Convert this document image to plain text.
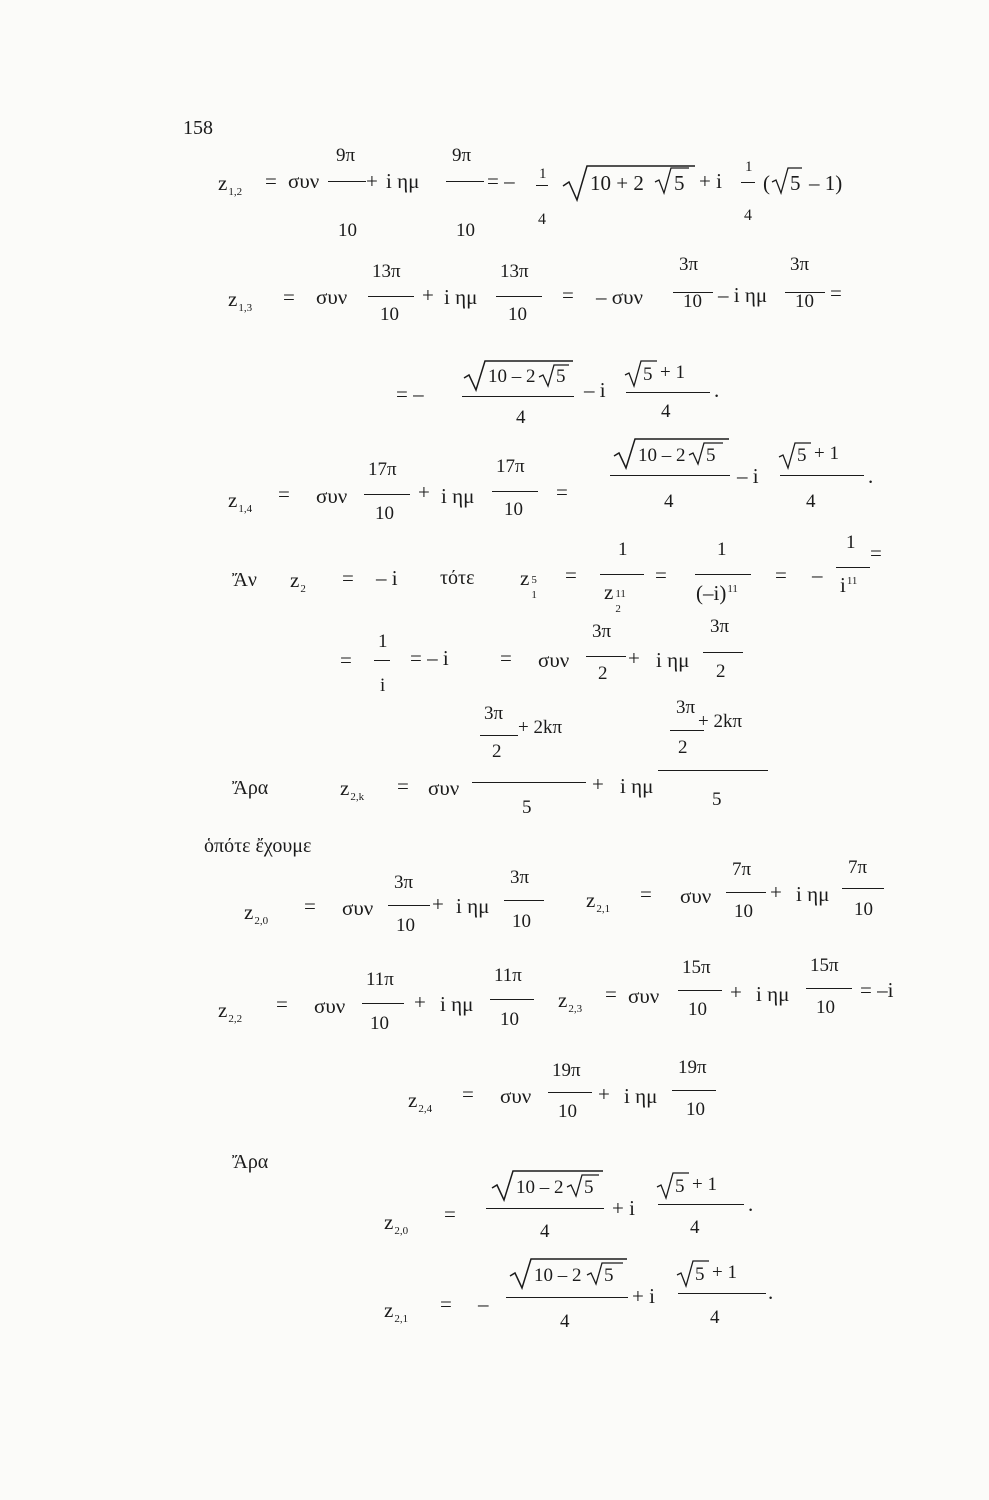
158
$z_{1,2} = \sigma\upsilon\nu$
9π
10
+ i ημ
9π
10
= – 1
4
10 + 2 5 + i
1
4
( 5 – 1)
$z_{1,3} = \sigma\upsilon\nu$
13π
10
+ i ημ
13π
10
= – συν
3π
10 – i ημ
3π
10 =
= –
10 – 2 5
4
– i
5 + 1
4
.
$z_{1,4}$
= συν
17π
10
+ i ημ
17π
10
=
10 – 2 5
4
– i
5 + 1
4
.
Ἄν $z_2$ = – i τότε z 5
1
=
1
z 11
2
=
1
$(-i)^{11}$
= –
1
$i^{11}$
=
=
1
i
= – i = συν
3π
2
+ i ημ
3π
2
3π
+ 2kπ
2
5
Ἄρα	$z_{2,k} = \sigma\upsilon\nu$	+ i ημ
3π
+ 2kπ
2
5
ὁπότε ἔχουμε
$z_{2,0}$
= συν
3π
10
+ i ημ
3π
10
$z_{2,1}$
= συν
7π
10
+ i ημ
7π
10
$z_{2,2}$
= συν
11π
10
+ i ημ
11π
10
$z_{2,3}$
= συν
15π
10
+ i ημ
15π
10
= –i
$z_{2,4}$
= συν
19π
10
+ i ημ
19π
10
Ἄρα
$z_{2,0}$
=
10 – 2 5
4
+ i
5 + 1
4
.
$z_{2,1}$
= –
10 – 2 5
4
+ i
5 + 1
4
.
